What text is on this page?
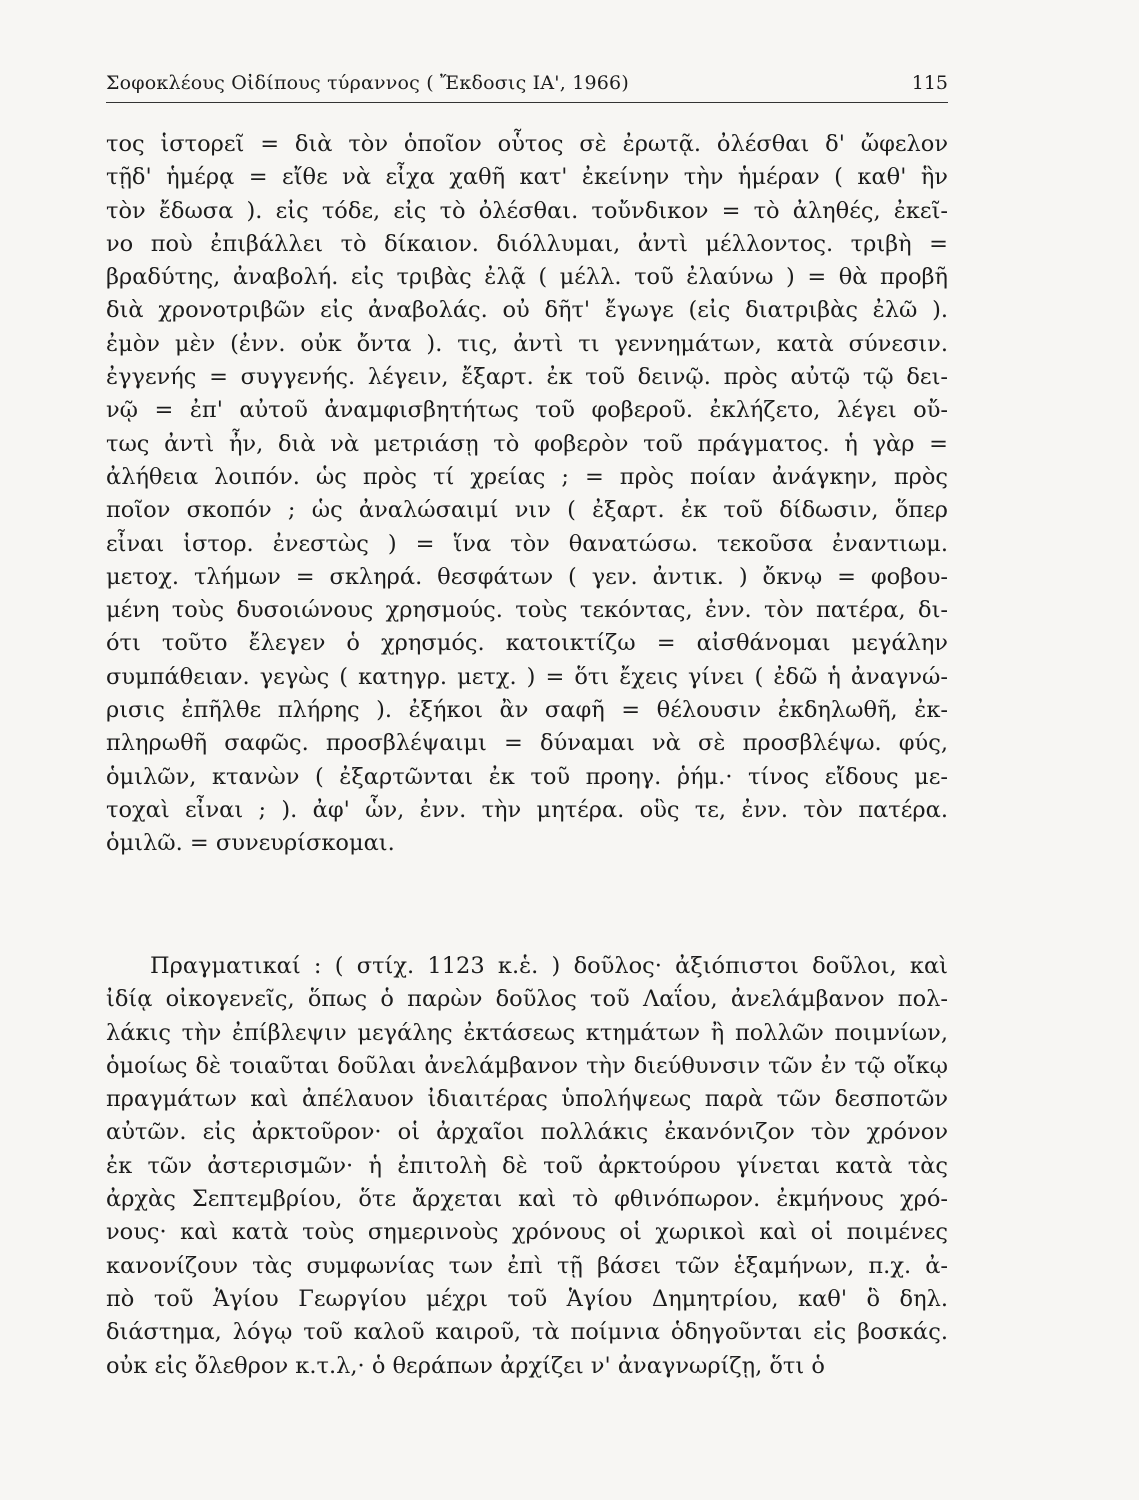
Σοφοκλέους Οἰδίπους τύραννος ( Ἔκδοσις ΙΑ', 1966)	115
τος ἱστορεῖ = διὰ τὸν ὁποῖον οὗτος σὲ ἐρωτᾷ. ὀλέσθαι δ' ὤφελον
τῇδ' ἡμέρᾳ = εἴθε νὰ εἶχα χαθῆ κατ' ἐκείνην τὴν ἡμέραν ( καθ' ἣν
τὸν ἔδωσα ). εἰς τόδε, εἰς τὸ ὀλέσθαι. τοὔνδικον = τὸ ἀληθές, ἐκεῖ-
νο ποὺ ἐπιβάλλει τὸ δίκαιον. διόλλυμαι, ἀντὶ μέλλοντος. τριβὴ =
βραδύτης, ἀναβολή. εἰς τριβὰς ἐλᾷ ( μέλλ. τοῦ ἐλαύνω ) = θὰ προβῆ
διὰ χρονοτριβῶν εἰς ἀναβολάς. οὐ δῆτ' ἔγωγε (εἰς διατριβὰς ἐλῶ ).
ἐμὸν μὲν (ἐνν. οὐκ ὄντα ). τις, ἀντὶ τι γεννημάτων, κατὰ σύνεσιν.
ἐγγενής = συγγενής. λέγειν, ἔξαρτ. ἐκ τοῦ δεινῷ. πρὸς αὐτῷ τῷ δει-
νῷ = ἐπ' αὐτοῦ ἀναμφισβητήτως τοῦ φοβεροῦ. ἐκλήζετο, λέγει οὔ-
τως ἀντὶ ἦν, διὰ νὰ μετριάσῃ τὸ φοβερὸν τοῦ πράγματος. ἡ γὰρ =
ἀλήθεια λοιπόν. ὡς πρὸς τί χρείας ; = πρὸς ποίαν ἀνάγκην, πρὸς
ποῖον σκοπόν ; ὡς ἀναλώσαιμί νιν ( ἐξαρτ. ἐκ τοῦ δίδωσιν, ὅπερ
εἶναι ἱστορ. ἐνεστὼς ) = ἵνα τὸν θανατώσω. τεκοῦσα ἐναντιωμ.
μετοχ. τλήμων = σκληρά. θεσφάτων ( γεν. ἀντικ. ) ὄκνῳ = φοβου-
μένη τοὺς δυσοιώνους χρησμούς. τοὺς τεκόντας, ἐνν. τὸν πατέρα, δι-
ότι τοῦτο ἔλεγεν ὁ χρησμός. κατοικτίζω = αἰσθάνομαι μεγάλην
συμπάθειαν. γεγὼς ( κατηγρ. μετχ. ) = ὅτι ἔχεις γίνει ( ἐδῶ ἡ ἀναγνώ-
ρισις ἐπῆλθε πλήρης ). ἐξήκοι ἂν σαφῆ = θέλουσιν ἐκδηλωθῆ, ἐκ-
πληρωθῆ σαφῶς. προσβλέψαιμι = δύναμαι νὰ σὲ προσβλέψω. φύς,
ὁμιλῶν, κτανὼν ( ἐξαρτῶνται ἐκ τοῦ προηγ. ῥήμ.· τίνος εἴδους με-
τοχαὶ εἶναι ; ). ἀφ' ὧν, ἐνν. τὴν μητέρα. οὓς τε, ἐνν. τὸν πατέρα.
ὁμιλῶ. = συνευρίσκομαι.
Πραγματικαί : ( στίχ. 1123 κ.ἑ. ) δοῦλος· ἀξιόπιστοι δοῦλοι, καὶ
ἰδίᾳ οἰκογενεῖς, ὅπως ὁ παρὼν δοῦλος τοῦ Λαΐου, ἀνελάμβανον πολ-
λάκις τὴν ἐπίβλεψιν μεγάλης ἐκτάσεως κτημάτων ἢ πολλῶν ποιμνίων,
ὁμοίως δὲ τοιαῦται δοῦλαι ἀνελάμβανον τὴν διεύθυνσιν τῶν ἐν τῷ οἴκῳ
πραγμάτων καὶ ἀπέλαυον ἰδιαιτέρας ὑπολήψεως παρὰ τῶν δεσποτῶν
αὐτῶν. εἰς ἀρκτοῦρον· οἱ ἀρχαῖοι πολλάκις ἐκανόνιζον τὸν χρόνον
ἐκ τῶν ἀστερισμῶν· ἡ ἐπιτολὴ δὲ τοῦ ἀρκτούρου γίνεται κατὰ τὰς
ἀρχὰς Σεπτεμβρίου, ὅτε ἄρχεται καὶ τὸ φθινόπωρον. ἐκμήνους χρό-
νους· καὶ κατὰ τοὺς σημερινοὺς χρόνους οἱ χωρικοὶ καὶ οἱ ποιμένες
κανονίζουν τὰς συμφωνίας των ἐπὶ τῇ βάσει τῶν ἑξαμήνων, π.χ. ἀ-
πὸ τοῦ Ἁγίου Γεωργίου μέχρι τοῦ Ἁγίου Δημητρίου, καθ' ὃ δηλ.
διάστημα, λόγῳ τοῦ καλοῦ καιροῦ, τὰ ποίμνια ὁδηγοῦνται εἰς βοσκάς.
οὐκ εἰς ὄλεθρον κ.τ.λ,· ὁ θεράπων ἀρχίζει ν' ἀναγνωρίζῃ, ὅτι ὁ
